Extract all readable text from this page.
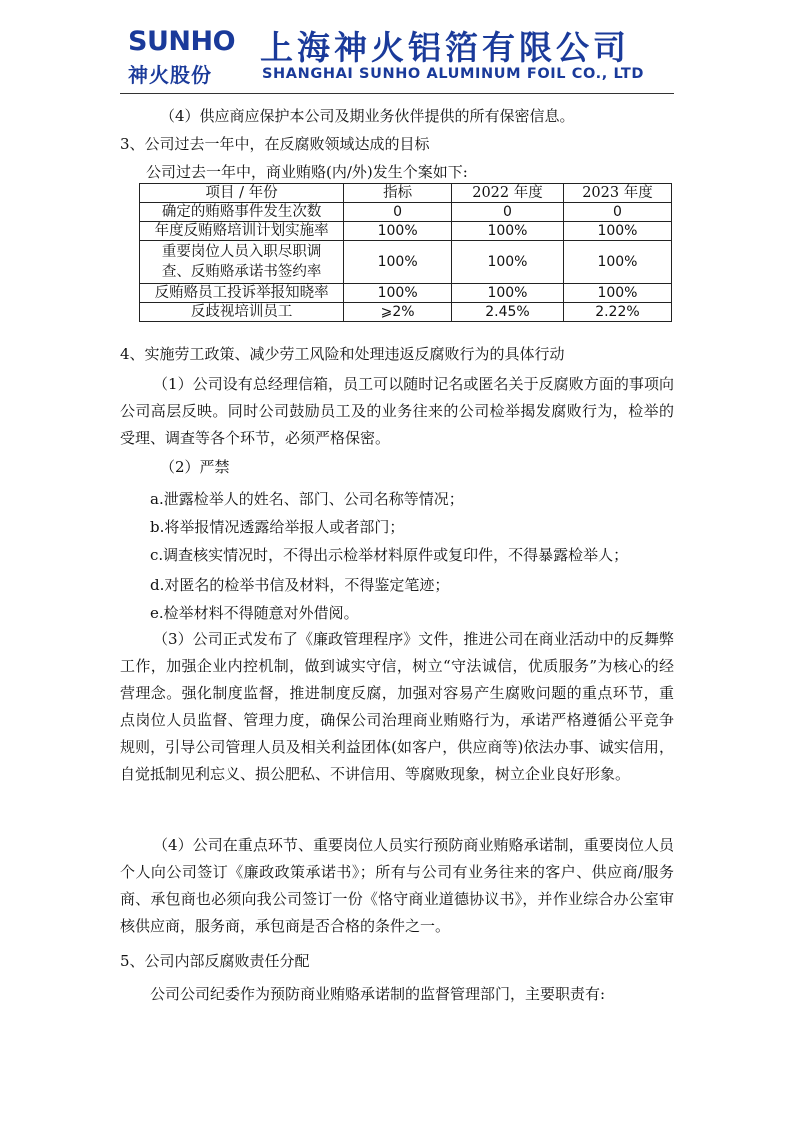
SUNHO
神火股份
上海神火铝箔有限公司
SHANGHAI SUNHO ALUMINUM FOIL CO., LTD
（4）供应商应保护本公司及期业务伙伴提供的所有保密信息。
3、公司过去一年中，在反腐败领域达成的目标
公司过去一年中，商业贿赂(内/外)发生个案如下:
项目 / 年份	指标	2022 年度	2023 年度
确定的贿赂事件发生次数	0	0	0
年度反贿赂培训计划实施率	100%	100%	100%
重要岗位人员入职尽职调查、反贿赂承诺书签约率	100%	100%	100%
反贿赂员工投诉举报知晓率	100%	100%	100%
反歧视培训员工	⩾2%	2.45%	2.22%
4、实施劳工政策、减少劳工风险和处理违返反腐败行为的具体行动
（1）公司设有总经理信箱，员工可以随时记名或匿名关于反腐败方面的事项向公司高层反映。同时公司鼓励员工及的业务往来的公司检举揭发腐败行为，检举的受理、调查等各个环节，必须严格保密。
（2）严禁
a.泄露检举人的姓名、部门、公司名称等情况；
b.将举报情况透露给举报人或者部门；
c.调查核实情况时，不得出示检举材料原件或复印件，不得暴露检举人；
d.对匿名的检举书信及材料，不得鉴定笔迹；
e.检举材料不得随意对外借阅。
（3）公司正式发布了《廉政管理程序》文件，推进公司在商业活动中的反舞弊工作，加强企业内控机制，做到诚实守信，树立“守法诚信，优质服务”为核心的经营理念。强化制度监督，推进制度反腐，加强对容易产生腐败问题的重点环节，重点岗位人员监督、管理力度，确保公司治理商业贿赂行为，承诺严格遵循公平竞争规则，引导公司管理人员及相关利益团体(如客户，供应商等)依法办事、诚实信用，自觉抵制见利忘义、损公肥私、不讲信用、等腐败现象，树立企业良好形象。
（4）公司在重点环节、重要岗位人员实行预防商业贿赂承诺制，重要岗位人员个人向公司签订《廉政政策承诺书》；所有与公司有业务往来的客户、供应商/服务商、承包商也必须向我公司签订一份《恪守商业道德协议书》，并作业综合办公室审核供应商，服务商，承包商是否合格的条件之一。
5、公司内部反腐败责任分配
公司公司纪委作为预防商业贿赂承诺制的监督管理部门，主要职责有:
